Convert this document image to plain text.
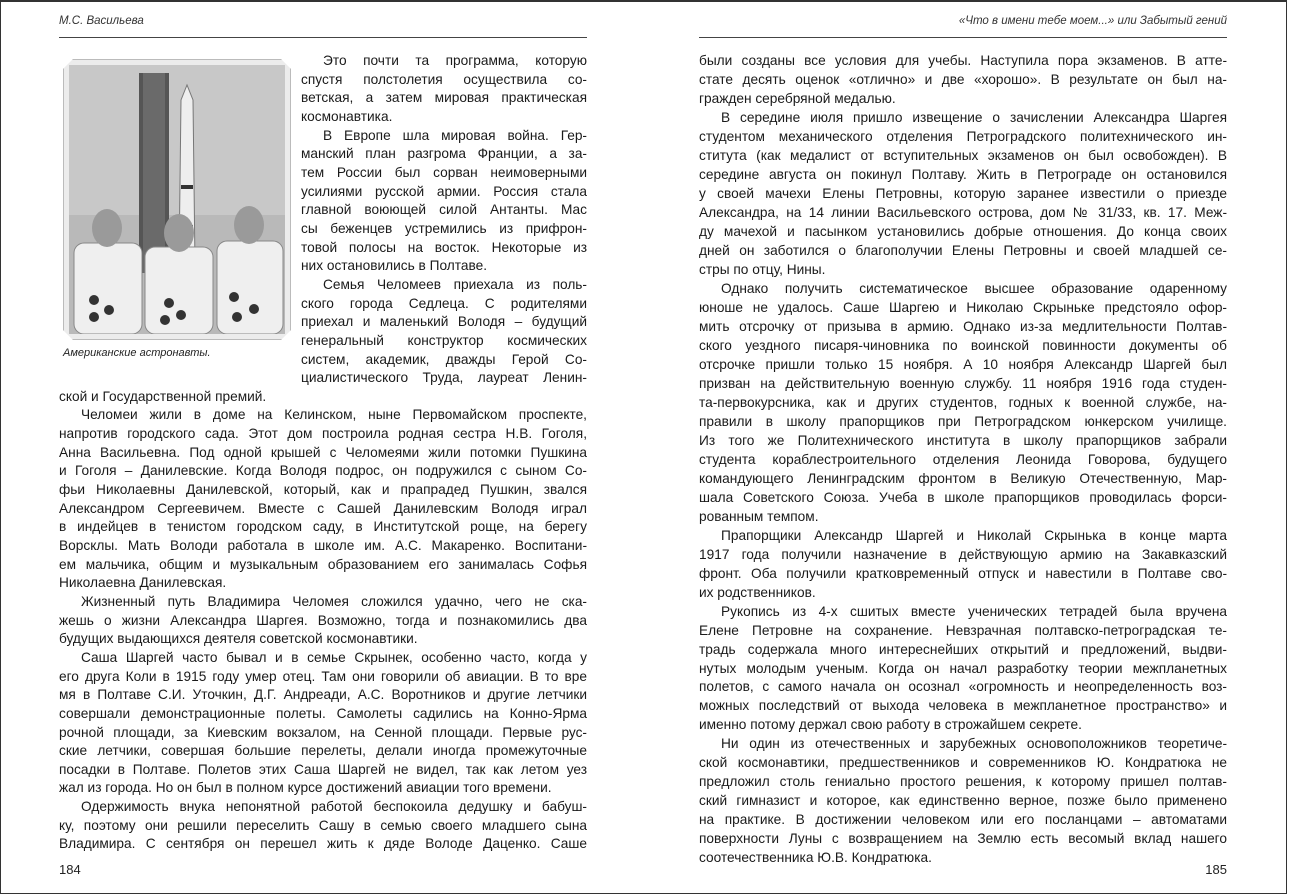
М.С. Васильева
Американские астронавты.
Это почти та программа, которую
спустя полстолетия осуществила со-
ветская, а затем мировая практическая
космонавтика.
В Европе шла мировая война. Гер-
манский план разгрома Франции, а за-
тем России был сорван неимоверными
усилиями русской армии. Россия стала
главной воюющей силой Антанты. Мас
сы беженцев устремились из прифрон-
товой полосы на восток. Некоторые из
них остановились в Полтаве.
Семья Челомеев приехала из поль-
ского города Седлеца. С родителями
приехал и маленький Володя – будущий
генеральный конструктор космических
систем, академик, дважды Герой Со-
циалистического Труда, лауреат Ленин-
ской и Государственной премий.
Челомеи жили в доме на Келинском, ныне Первомайском проспекте,
напротив городского сада. Этот дом построила родная сестра Н.В. Гоголя,
Анна Васильевна. Под одной крышей с Челомеями жили потомки Пушкина
и Гоголя – Данилевские. Когда Володя подрос, он подружился с сыном Со-
фьи Николаевны Данилевской, который, как и прапрадед Пушкин, звался
Александром Сергеевичем. Вместе с Сашей Данилевским Володя играл
в индейцев в тенистом городском саду, в Институтской роще, на берегу
Ворсклы. Мать Володи работала в школе им. А.С. Макаренко. Воспитани-
ем мальчика, общим и музыкальным образованием его занималась Софья
Николаевна Данилевская.
Жизненный путь Владимира Челомея сложился удачно, чего не ска-
жешь о жизни Александра Шаргея. Возможно, тогда и познакомились два
будущих выдающихся деятеля советской космонавтики.
Саша Шаргей часто бывал и в семье Скрынек, особенно часто, когда у
его друга Коли в 1915 году умер отец. Там они говорили об авиации. В то вре
мя в Полтаве С.И. Уточкин, Д.Г. Андреади, А.С. Воротников и другие летчики
совершали демонстрационные полеты. Самолеты садились на Конно-Ярма
рочной площади, за Киевским вокзалом, на Сенной площади. Первые рус-
ские летчики, совершая большие перелеты, делали иногда промежуточные
посадки в Полтаве. Полетов этих Саша Шаргей не видел, так как летом уез
жал из города. Но он был в полном курсе достижений авиации того времени.
Одержимость внука непонятной работой беспокоила дедушку и бабуш-
ку, поэтому они решили переселить Сашу в семью своего младшего сына
Владимира. С сентября он перешел жить к дяде Володе Даценко. Саше
184
«Что в имени тебе моем...» или Забытый гений
были созданы все условия для учебы. Наступила пора экзаменов. В атте-
стате десять оценок «отлично» и две «хорошо». В результате он был на-
гражден серебряной медалью.
В середине июля пришло извещение о зачислении Александра Шаргея
студентом механического отделения Петроградского политехнического ин-
ститута (как медалист от вступительных экзаменов он был освобожден). В
середине августа он покинул Полтаву. Жить в Петрограде он остановился
у своей мачехи Елены Петровны, которую заранее известили о приезде
Александра, на 14 линии Васильевского острова, дом № 31/33, кв. 17. Меж-
ду мачехой и пасынком установились добрые отношения. До конца своих
дней он заботился о благополучии Елены Петровны и своей младшей се-
стры по отцу, Нины.
Однако получить систематическое высшее образование одаренному
юноше не удалось. Саше Шаргею и Николаю Скрыньке предстояло офор-
мить отсрочку от призыва в армию. Однако из-за медлительности Полтав-
ского уездного писаря-чиновника по воинской повинности документы об
отсрочке пришли только 15 ноября. А 10 ноября Александр Шаргей был
призван на действительную военную службу. 11 ноября 1916 года студен-
та-первокурсника, как и других студентов, годных к военной службе, на-
правили в школу прапорщиков при Петроградском юнкерском училище.
Из того же Политехнического института в школу прапорщиков забрали
студента кораблестроительного отделения Леонида Говорова, будущего
командующего Ленинградским фронтом в Великую Отечественную, Мар-
шала Советского Союза. Учеба в школе прапорщиков проводилась форси-
рованным темпом.
Прапорщики Александр Шаргей и Николай Скрынька в конце марта
1917 года получили назначение в действующую армию на Закавказский
фронт. Оба получили кратковременный отпуск и навестили в Полтаве сво-
их родственников.
Рукопись из 4-х сшитых вместе ученических тетрадей была вручена
Елене Петровне на сохранение. Невзрачная полтавско-петроградская те-
традь содержала много интереснейших открытий и предложений, выдви-
нутых молодым ученым. Когда он начал разработку теории межпланетных
полетов, с самого начала он осознал «огромность и неопределенность воз-
можных последствий от выхода человека в межпланетное пространство» и
именно потому держал свою работу в строжайшем секрете.
Ни один из отечественных и зарубежных основоположников теоретиче-
ской космонавтики, предшественников и современников Ю. Кондратюка не
предложил столь гениально простого решения, к которому пришел полтав-
ский гимназист и которое, как единственно верное, позже было применено
на практике. В достижении человеком или его посланцами – автоматами
поверхности Луны с возвращением на Землю есть весомый вклад нашего
соотечественника Ю.В. Кондратюка.
185
